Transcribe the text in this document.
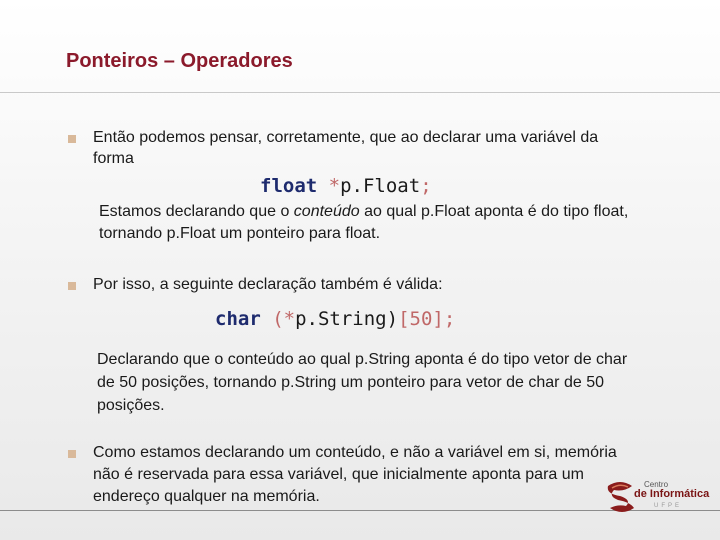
Ponteiros – Operadores
Então podemos pensar, corretamente, que ao declarar uma variável da
forma
float *p.Float;
Estamos declarando que o conteúdo ao qual p.Float aponta é do tipo float,
tornando p.Float um ponteiro para float.
Por isso, a seguinte declaração também é válida:
char (*p.String)[50];
Declarando que o conteúdo ao qual p.String aponta é do tipo vetor de char
de 50 posições, tornando p.String um ponteiro para vetor de char de 50
posições.
Como estamos declarando um conteúdo, e não a variável em si, memória
não é reservada para essa variável, que inicialmente aponta para um
endereço qualquer na memória.
Centro
de Informática
UFPE
